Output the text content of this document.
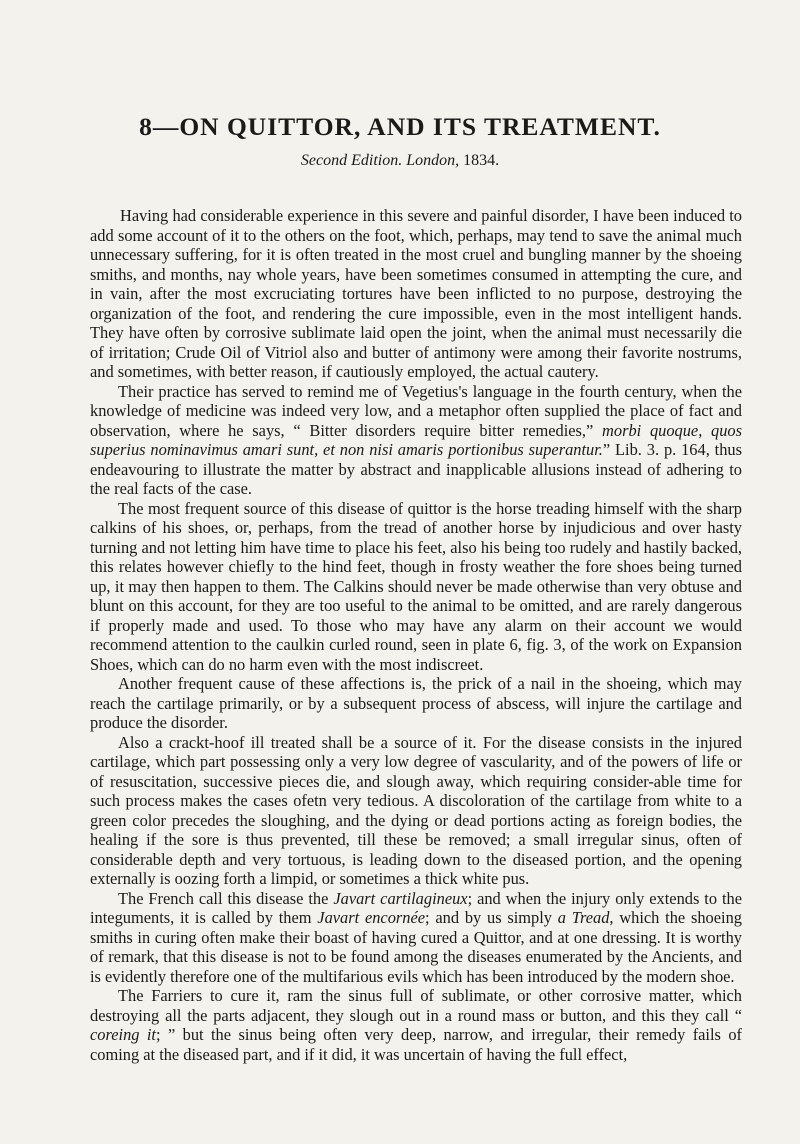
8—ON QUITTOR, AND ITS TREATMENT.
Second Edition. London, 1834.

Having had considerable experience in this severe and painful disorder, I have been induced to add some account of it to the others on the foot, which, perhaps, may tend to save the animal much unnecessary suffering, for it is often treated in the most cruel and bungling manner by the shoeing smiths, and months, nay whole years, have been sometimes consumed in attempting the cure, and in vain, after the most excruciating tortures have been inflicted to no purpose, destroying the organization of the foot, and rendering the cure impossible, even in the most intelligent hands. They have often by corrosive sublimate laid open the joint, when the animal must necessarily die of irritation; Crude Oil of Vitriol also and butter of antimony were among their favorite nostrums, and sometimes, with better reason, if cautiously employed, the actual cautery.

Their practice has served to remind me of Vegetius's language in the fourth century, when the knowledge of medicine was indeed very low, and a metaphor often supplied the place of fact and observation, where he says, “ Bitter disorders require bitter remedies,” morbi quoque, quos superius nominavimus amari sunt, et non nisi amaris portionibus superantur.” Lib. 3. p. 164, thus endeavouring to illustrate the matter by abstract and inapplicable allusions instead of adhering to the real facts of the case.

The most frequent source of this disease of quittor is the horse treading himself with the sharp calkins of his shoes, or, perhaps, from the tread of another horse by injudicious and over hasty turning and not letting him have time to place his feet, also his being too rudely and hastily backed, this relates however chiefly to the hind feet, though in frosty weather the fore shoes being turned up, it may then happen to them. The Calkins should never be made otherwise than very obtuse and blunt on this account, for they are too useful to the animal to be omitted, and are rarely dangerous if properly made and used. To those who may have any alarm on their account we would recommend attention to the caulkin curled round, seen in plate 6, fig. 3, of the work on Expansion Shoes, which can do no harm even with the most indiscreet.

Another frequent cause of these affections is, the prick of a nail in the shoeing, which may reach the cartilage primarily, or by a subsequent process of abscess, will injure the cartilage and produce the disorder.

Also a crackt-hoof ill treated shall be a source of it. For the disease consists in the injured cartilage, which part possessing only a very low degree of vascularity, and of the powers of life or of resuscitation, successive pieces die, and slough away, which requiring consider-able time for such process makes the cases ofetn very tedious. A discoloration of the cartilage from white to a green color precedes the sloughing, and the dying or dead portions acting as foreign bodies, the healing if the sore is thus prevented, till these be removed; a small irregular sinus, often of considerable depth and very tortuous, is leading down to the diseased portion, and the opening externally is oozing forth a limpid, or sometimes a thick white pus.

The French call this disease the Javart cartilagineux; and when the injury only extends to the integuments, it is called by them Javart encornée; and by us simply a Tread, which the shoeing smiths in curing often make their boast of having cured a Quittor, and at one dressing. It is worthy of remark, that this disease is not to be found among the diseases enumerated by the Ancients, and is evidently therefore one of the multifarious evils which has been introduced by the modern shoe.

The Farriers to cure it, ram the sinus full of sublimate, or other corrosive matter, which destroying all the parts adjacent, they slough out in a round mass or button, and this they call “ coreing it; ” but the sinus being often very deep, narrow, and irregular, their remedy fails of coming at the diseased part, and if it did, it was uncertain of having the full effect,
